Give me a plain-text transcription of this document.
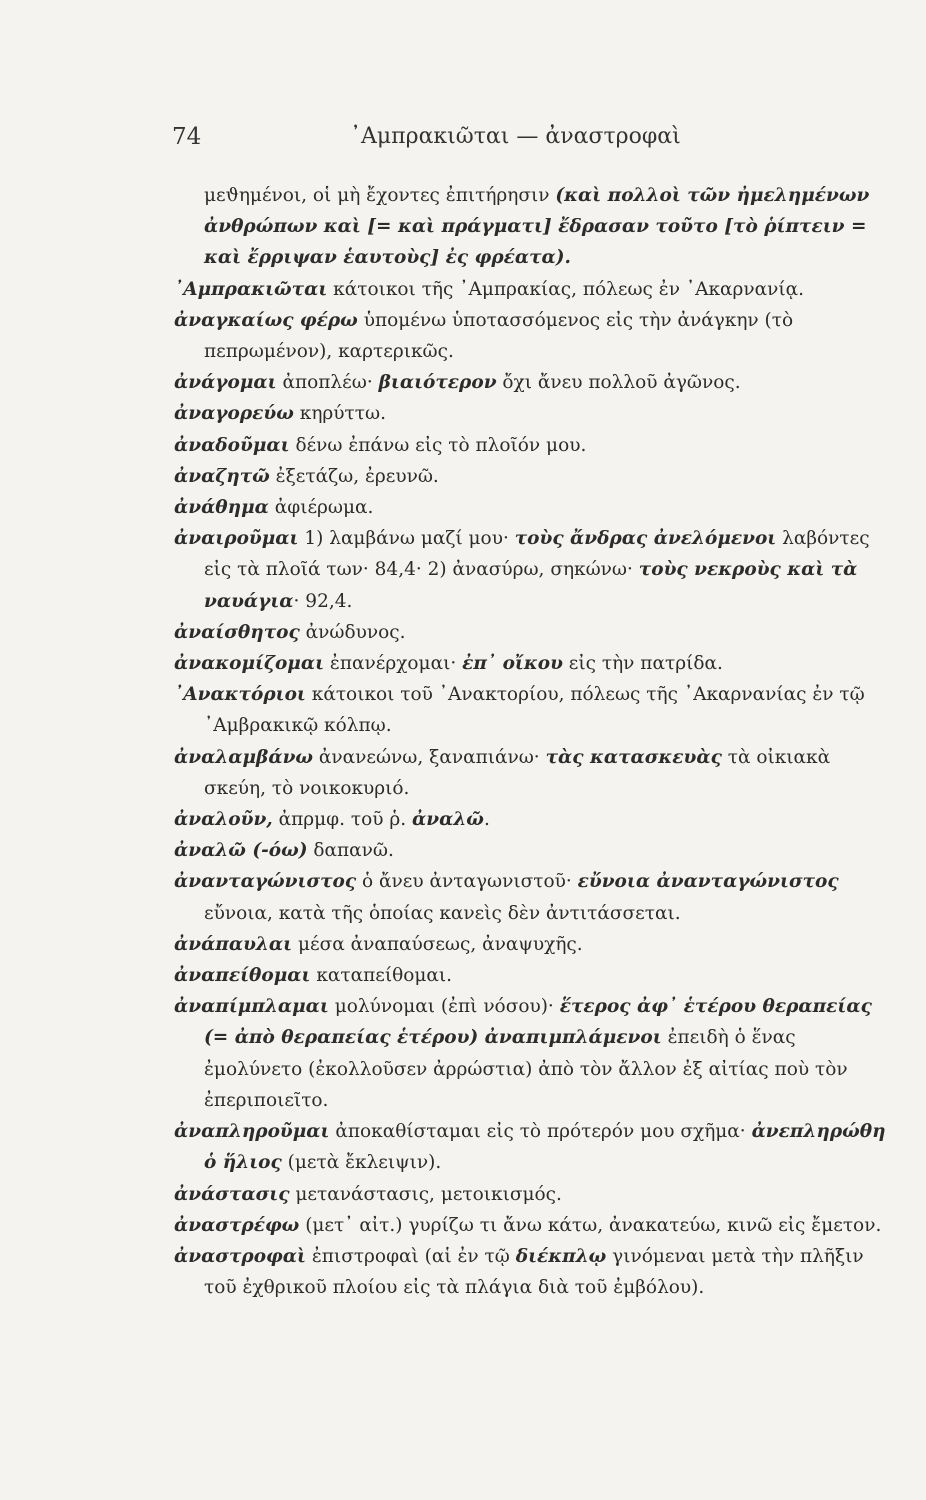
74	᾿Αμπρακιῶται — ἀναστροφαὶ

μεϑημένοι, οἱ μὴ ἔχοντες ἐπιτήρησιν (καὶ πολλοὶ τῶν ἠμελημένων ἀνθρώπων καὶ [= καὶ πράγματι] ἔδρασαν τοῦτο [τὸ ῥίπτειν = καὶ ἔρριψαν ἑαυτοὺς] ἐς φρέατα).

᾿Αμπρακιῶται κάτοικοι τῆς ᾿Αμπρακίας, πόλεως ἐν ᾿Ακαρνανίᾳ.

ἀναγκαίως φέρω ὑπομένω ὑποτασσόμενος εἰς τὴν ἀνάγκην (τὸ πεπρωμένον), καρτερικῶς.

ἀνάγομαι ἀποπλέω· βιαιότερον ὄχι ἄνευ πολλοῦ ἀγῶνος.

ἀναγορεύω κηρύττω.

ἀναδοῦμαι δένω ἐπάνω εἰς τὸ πλοῖόν μου.

ἀναζητῶ ἐξετάζω, ἐρευνῶ.

ἀνάθημα ἀφιέρωμα.

ἀναιροῦμαι 1) λαμβάνω μαζί μου· τοὺς ἄνδρας ἀνελόμενοι λαβόντες εἰς τὰ πλοῖά των· 84,4· 2) ἀνασύρω, σηκώνω· τοὺς νεκροὺς καὶ τὰ ναυάγια· 92,4.

ἀναίσθητος ἀνώδυνος.

ἀνακομίζομαι ἐπανέρχομαι· ἐπ᾿ οἴκου εἰς τὴν πατρίδα.

᾿Ανακτόριοι κάτοικοι τοῦ ᾿Ανακτορίου, πόλεως τῆς ᾿Ακαρνανίας ἐν τῷ ᾿Αμβρακικῷ κόλπῳ.

ἀναλαμβάνω ἀνανεώνω, ξαναπιάνω· τὰς κατασκευὰς τὰ οἰκιακὰ σκεύη, τὸ νοικοκυριό.

ἀναλοῦν, ἀπρμφ. τοῦ ῥ. ἀναλῶ.

ἀναλῶ (-όω) δαπανῶ.

ἀνανταγώνιστος ὁ ἄνευ ἀνταγωνιστοῦ· εὔνοια ἀνανταγώνιστος εὔνοια, κατὰ τῆς ὁποίας κανεὶς δὲν ἀντιτάσσεται.

ἀνάπαυλαι μέσα ἀναπαύσεως, ἀναψυχῆς.

ἀναπείθομαι καταπείθομαι.

ἀναπίμπλαμαι μολύνομαι (ἐπὶ νόσου)· ἕτερος ἀφ᾿ ἑτέρου θεραπείας (= ἀπὸ θεραπείας ἑτέρου) ἀναπιμπλάμενοι ἐπειδὴ ὁ ἕνας ἐμολύνετο (ἐκολλοῦσεν ἀρρώστια) ἀπὸ τὸν ἄλλον ἐξ αἰτίας ποὺ τὸν ἐπεριποιεῖτο.

ἀναπληροῦμαι ἀποκαθίσταμαι εἰς τὸ πρότερόν μου σχῆμα· ἀνεπληρώθη ὁ ἥλιος (μετὰ ἔκλειψιν).

ἀνάστασις μετανάστασις, μετοικισμός.

ἀναστρέφω (μετ᾿ αἰτ.) γυρίζω τι ἄνω κάτω, ἀνακατεύω, κινῶ εἰς ἔμετον.

ἀναστροφαὶ ἐπιστροφαὶ (αἱ ἐν τῷ διέκπλῳ γινόμεναι μετὰ τὴν πλῆξιν τοῦ ἐχθρικοῦ πλοίου εἰς τὰ πλάγια διὰ τοῦ ἐμβόλου).
